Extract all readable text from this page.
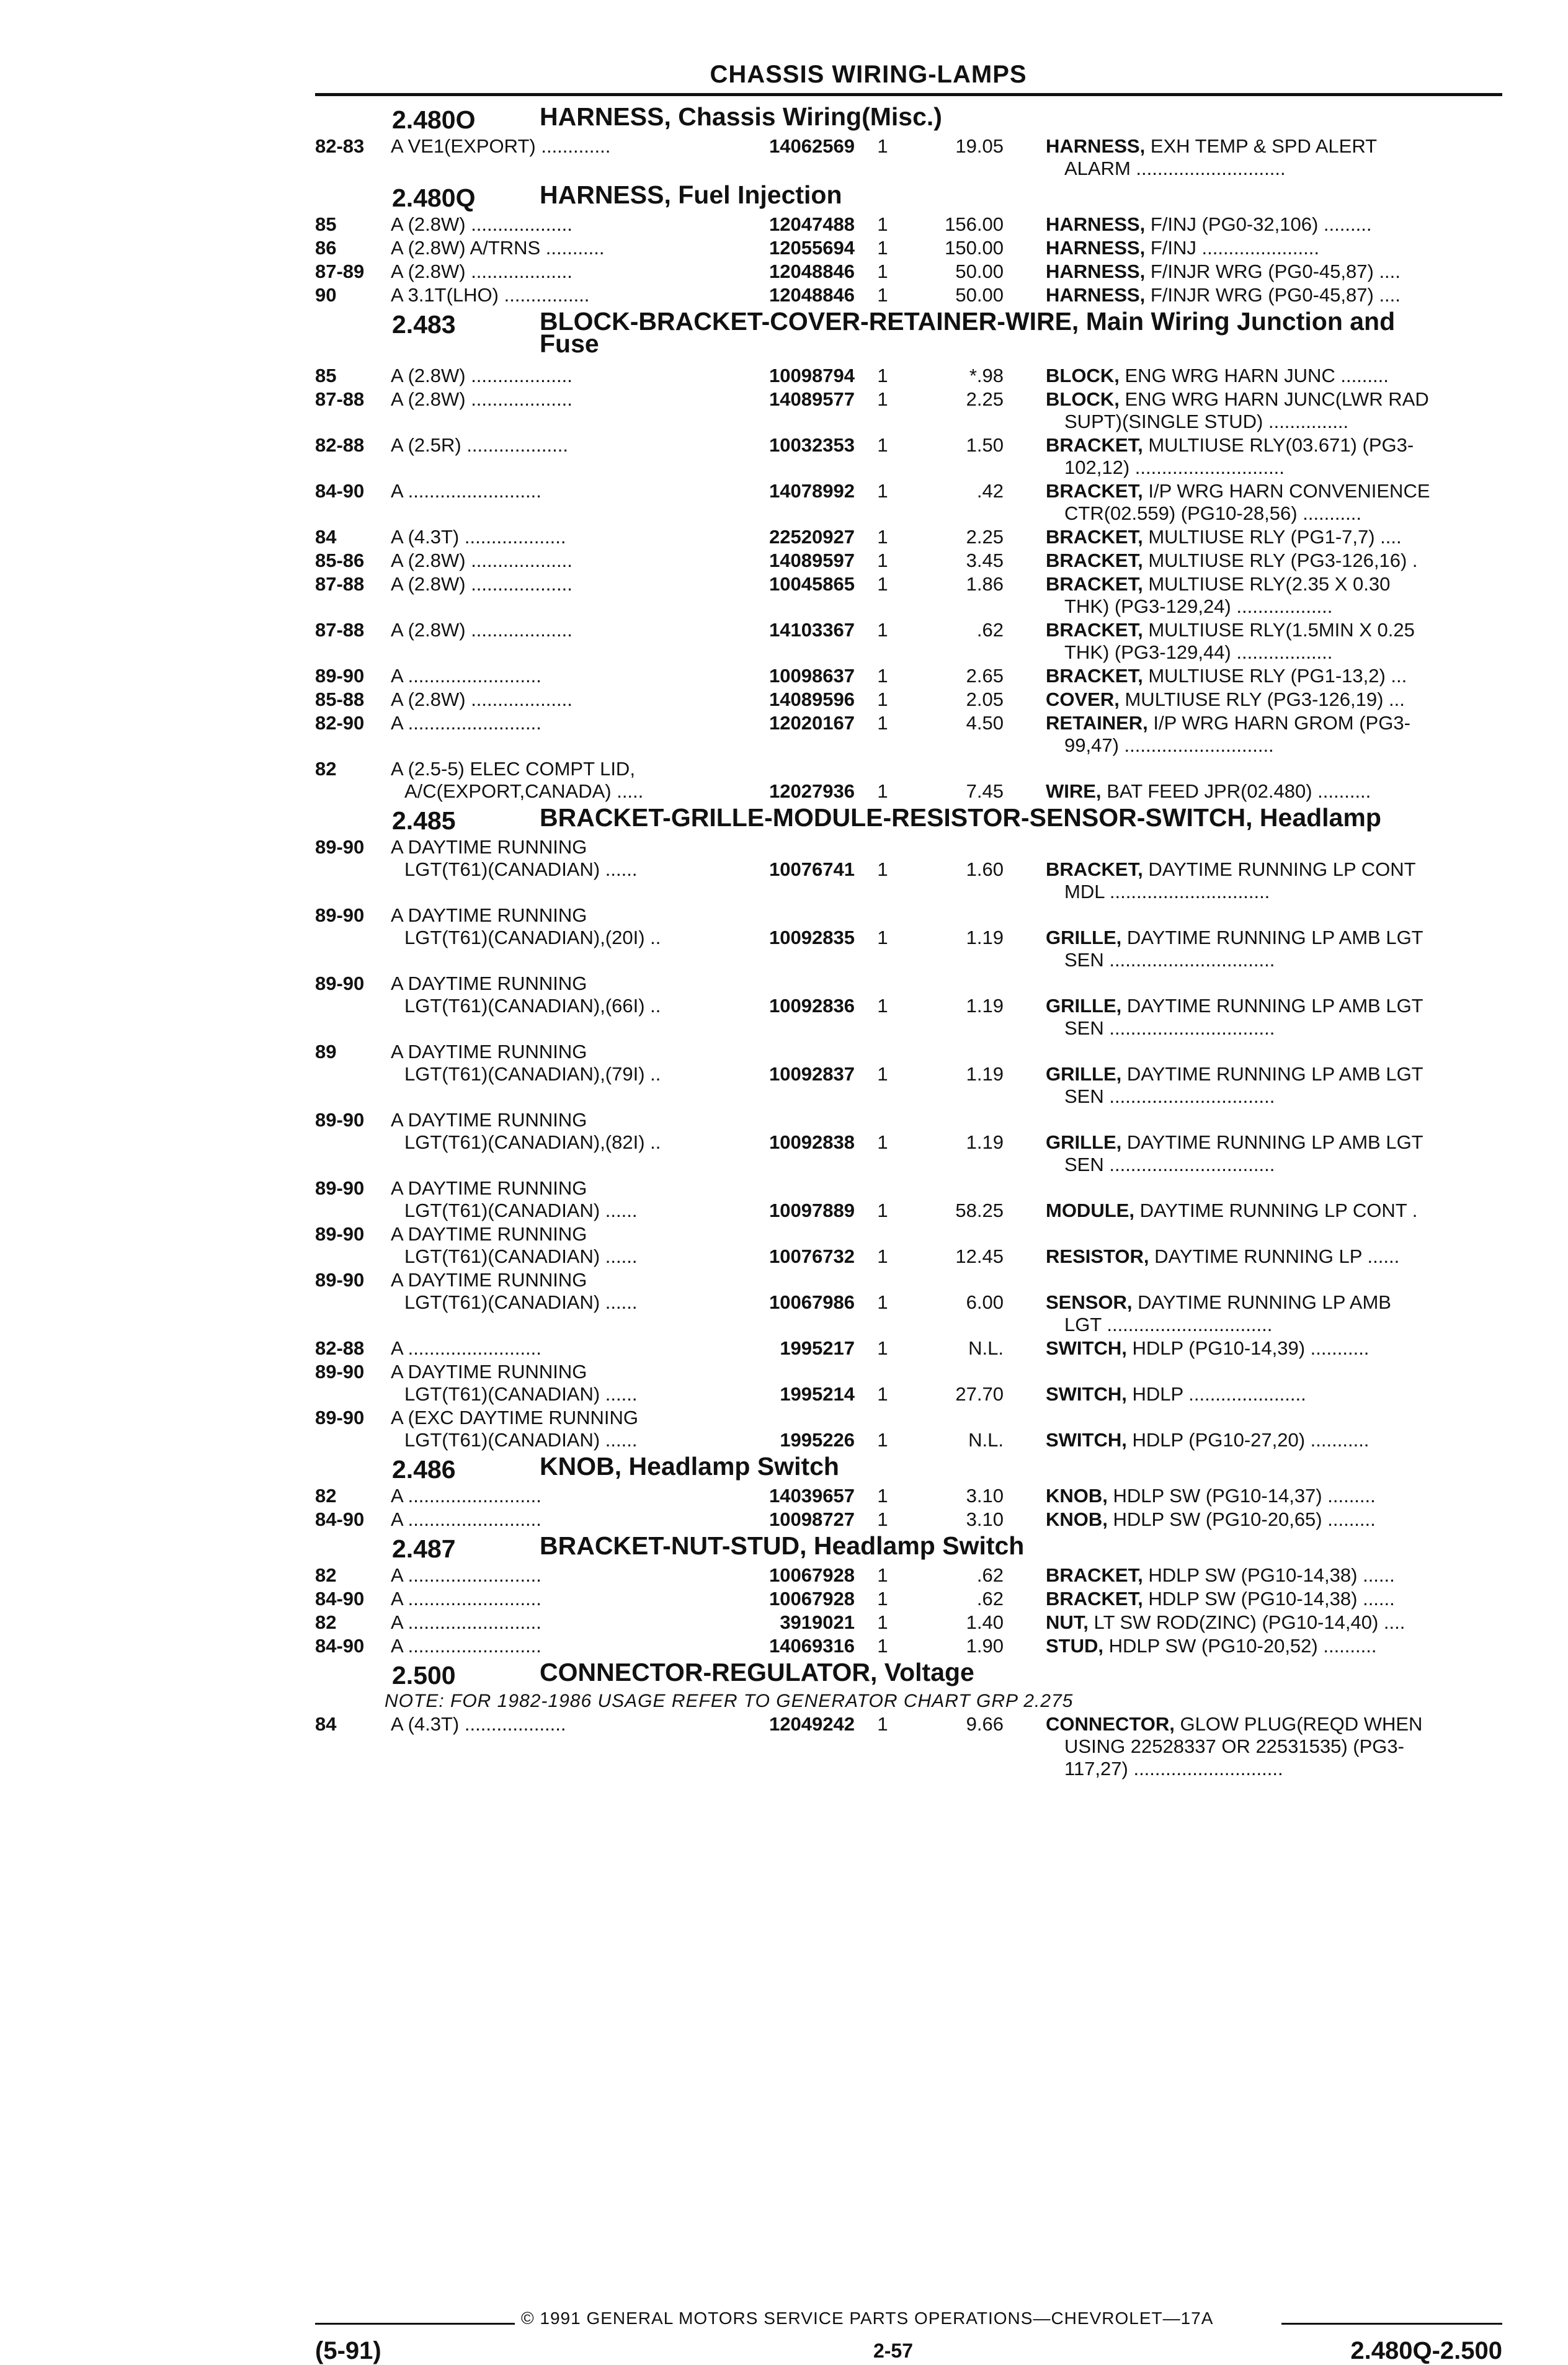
CHASSIS WIRING-LAMPS
2.480O	HARNESS, Chassis Wiring(Misc.)
82-83 A VE1(EXPORT) .............	14062569 1	19.05 HARNESS, EXH TEMP & SPD ALERT
ALARM ............................
2.480Q	HARNESS, Fuel Injection
85	A (2.8W) ...................	12047488 1	156.00 HARNESS, F/INJ (PG0-32,106) .........
86	A (2.8W) A/TRNS ...........	12055694 1	150.00 HARNESS, F/INJ ......................
87-89 A (2.8W) ...................	12048846 1	50.00 HARNESS, F/INJR WRG (PG0-45,87) ....
90	A 3.1T(LHO) ................	12048846 1	50.00 HARNESS, F/INJR WRG (PG0-45,87) ....
2.483	BLOCK-BRACKET-COVER-RETAINER-WIRE, Main Wiring Junction and Fuse
85	A (2.8W) ...................	10098794 1	*.98 BLOCK, ENG WRG HARN JUNC .........
87-88 A (2.8W) ...................	14089577 1	2.25 BLOCK, ENG WRG HARN JUNC(LWR RAD
SUPT)(SINGLE STUD) ...............
82-88 A (2.5R) ...................	10032353 1	1.50 BRACKET, MULTIUSE RLY(03.671) (PG3-
102,12) ............................
84-90 A .........................	14078992 1	.42 BRACKET, I/P WRG HARN CONVENIENCE
CTR(02.559) (PG10-28,56) ...........
84	A (4.3T) ...................	22520927 1	2.25 BRACKET, MULTIUSE RLY (PG1-7,7) ....
85-86 A (2.8W) ...................	14089597 1	3.45 BRACKET, MULTIUSE RLY (PG3-126,16) .
87-88 A (2.8W) ...................	10045865 1	1.86 BRACKET, MULTIUSE RLY(2.35 X 0.30
THK) (PG3-129,24) ..................
87-88 A (2.8W) ...................	14103367 1	.62 BRACKET, MULTIUSE RLY(1.5MIN X 0.25
THK) (PG3-129,44) ..................
89-90 A .........................	10098637 1	2.65 BRACKET, MULTIUSE RLY (PG1-13,2) ...
85-88 A (2.8W) ...................	14089596 1	2.05 COVER, MULTIUSE RLY (PG3-126,19) ...
82-90 A .........................	12020167 1	4.50 RETAINER, I/P WRG HARN GROM (PG3-
99,47) ............................
82	A (2.5-5) ELEC COMPT LID,
A/C(EXPORT,CANADA) .....	12027936 1	7.45 WIRE, BAT FEED JPR(02.480) ..........
2.485	BRACKET-GRILLE-MODULE-RESISTOR-SENSOR-SWITCH, Headlamp
89-90 A DAYTIME RUNNING
LGT(T61)(CANADIAN) ......	10076741 1	1.60 BRACKET, DAYTIME RUNNING LP CONT
MDL ..............................
89-90 A DAYTIME RUNNING
LGT(T61)(CANADIAN),(20I) ..	10092835 1	1.19 GRILLE, DAYTIME RUNNING LP AMB LGT
SEN ...............................
89-90 A DAYTIME RUNNING
LGT(T61)(CANADIAN),(66I) ..	10092836 1	1.19 GRILLE, DAYTIME RUNNING LP AMB LGT
SEN ...............................
89	A DAYTIME RUNNING
LGT(T61)(CANADIAN),(79I) ..	10092837 1	1.19 GRILLE, DAYTIME RUNNING LP AMB LGT
SEN ...............................
89-90 A DAYTIME RUNNING
LGT(T61)(CANADIAN),(82I) ..	10092838 1	1.19 GRILLE, DAYTIME RUNNING LP AMB LGT
SEN ...............................
89-90 A DAYTIME RUNNING
LGT(T61)(CANADIAN) ......	10097889 1	58.25 MODULE, DAYTIME RUNNING LP CONT .
89-90 A DAYTIME RUNNING
LGT(T61)(CANADIAN) ......	10076732 1	12.45 RESISTOR, DAYTIME RUNNING LP ......
89-90 A DAYTIME RUNNING
LGT(T61)(CANADIAN) ......	10067986 1	6.00 SENSOR, DAYTIME RUNNING LP AMB
LGT ...............................
82-88 A .........................	1995217 1	N.L. SWITCH, HDLP (PG10-14,39) ...........
89-90 A DAYTIME RUNNING
LGT(T61)(CANADIAN) ......	1995214 1	27.70 SWITCH, HDLP ......................
89-90 A (EXC DAYTIME RUNNING
LGT(T61)(CANADIAN) ......	1995226 1	N.L. SWITCH, HDLP (PG10-27,20) ...........
2.486	KNOB, Headlamp Switch
82	A .........................	14039657 1	3.10 KNOB, HDLP SW (PG10-14,37) .........
84-90 A .........................	10098727 1	3.10 KNOB, HDLP SW (PG10-20,65) .........
2.487	BRACKET-NUT-STUD, Headlamp Switch
82	A .........................	10067928 1	.62 BRACKET, HDLP SW (PG10-14,38) ......
84-90 A .........................	10067928 1	.62 BRACKET, HDLP SW (PG10-14,38) ......
82	A .........................	3919021 1	1.40 NUT, LT SW ROD(ZINC) (PG10-14,40) ....
84-90 A .........................	14069316 1	1.90 STUD, HDLP SW (PG10-20,52) ..........
2.500	CONNECTOR-REGULATOR, Voltage
NOTE: FOR 1982-1986 USAGE REFER TO GENERATOR CHART GRP 2.275
84	A (4.3T) ...................	12049242 1	9.66 CONNECTOR, GLOW PLUG(REQD WHEN
USING 22528337 OR 22531535) (PG3-
117,27) ............................
© 1991 GENERAL MOTORS SERVICE PARTS OPERATIONS—CHEVROLET—17A
(5-91)	2-57	2.480Q-2.500
